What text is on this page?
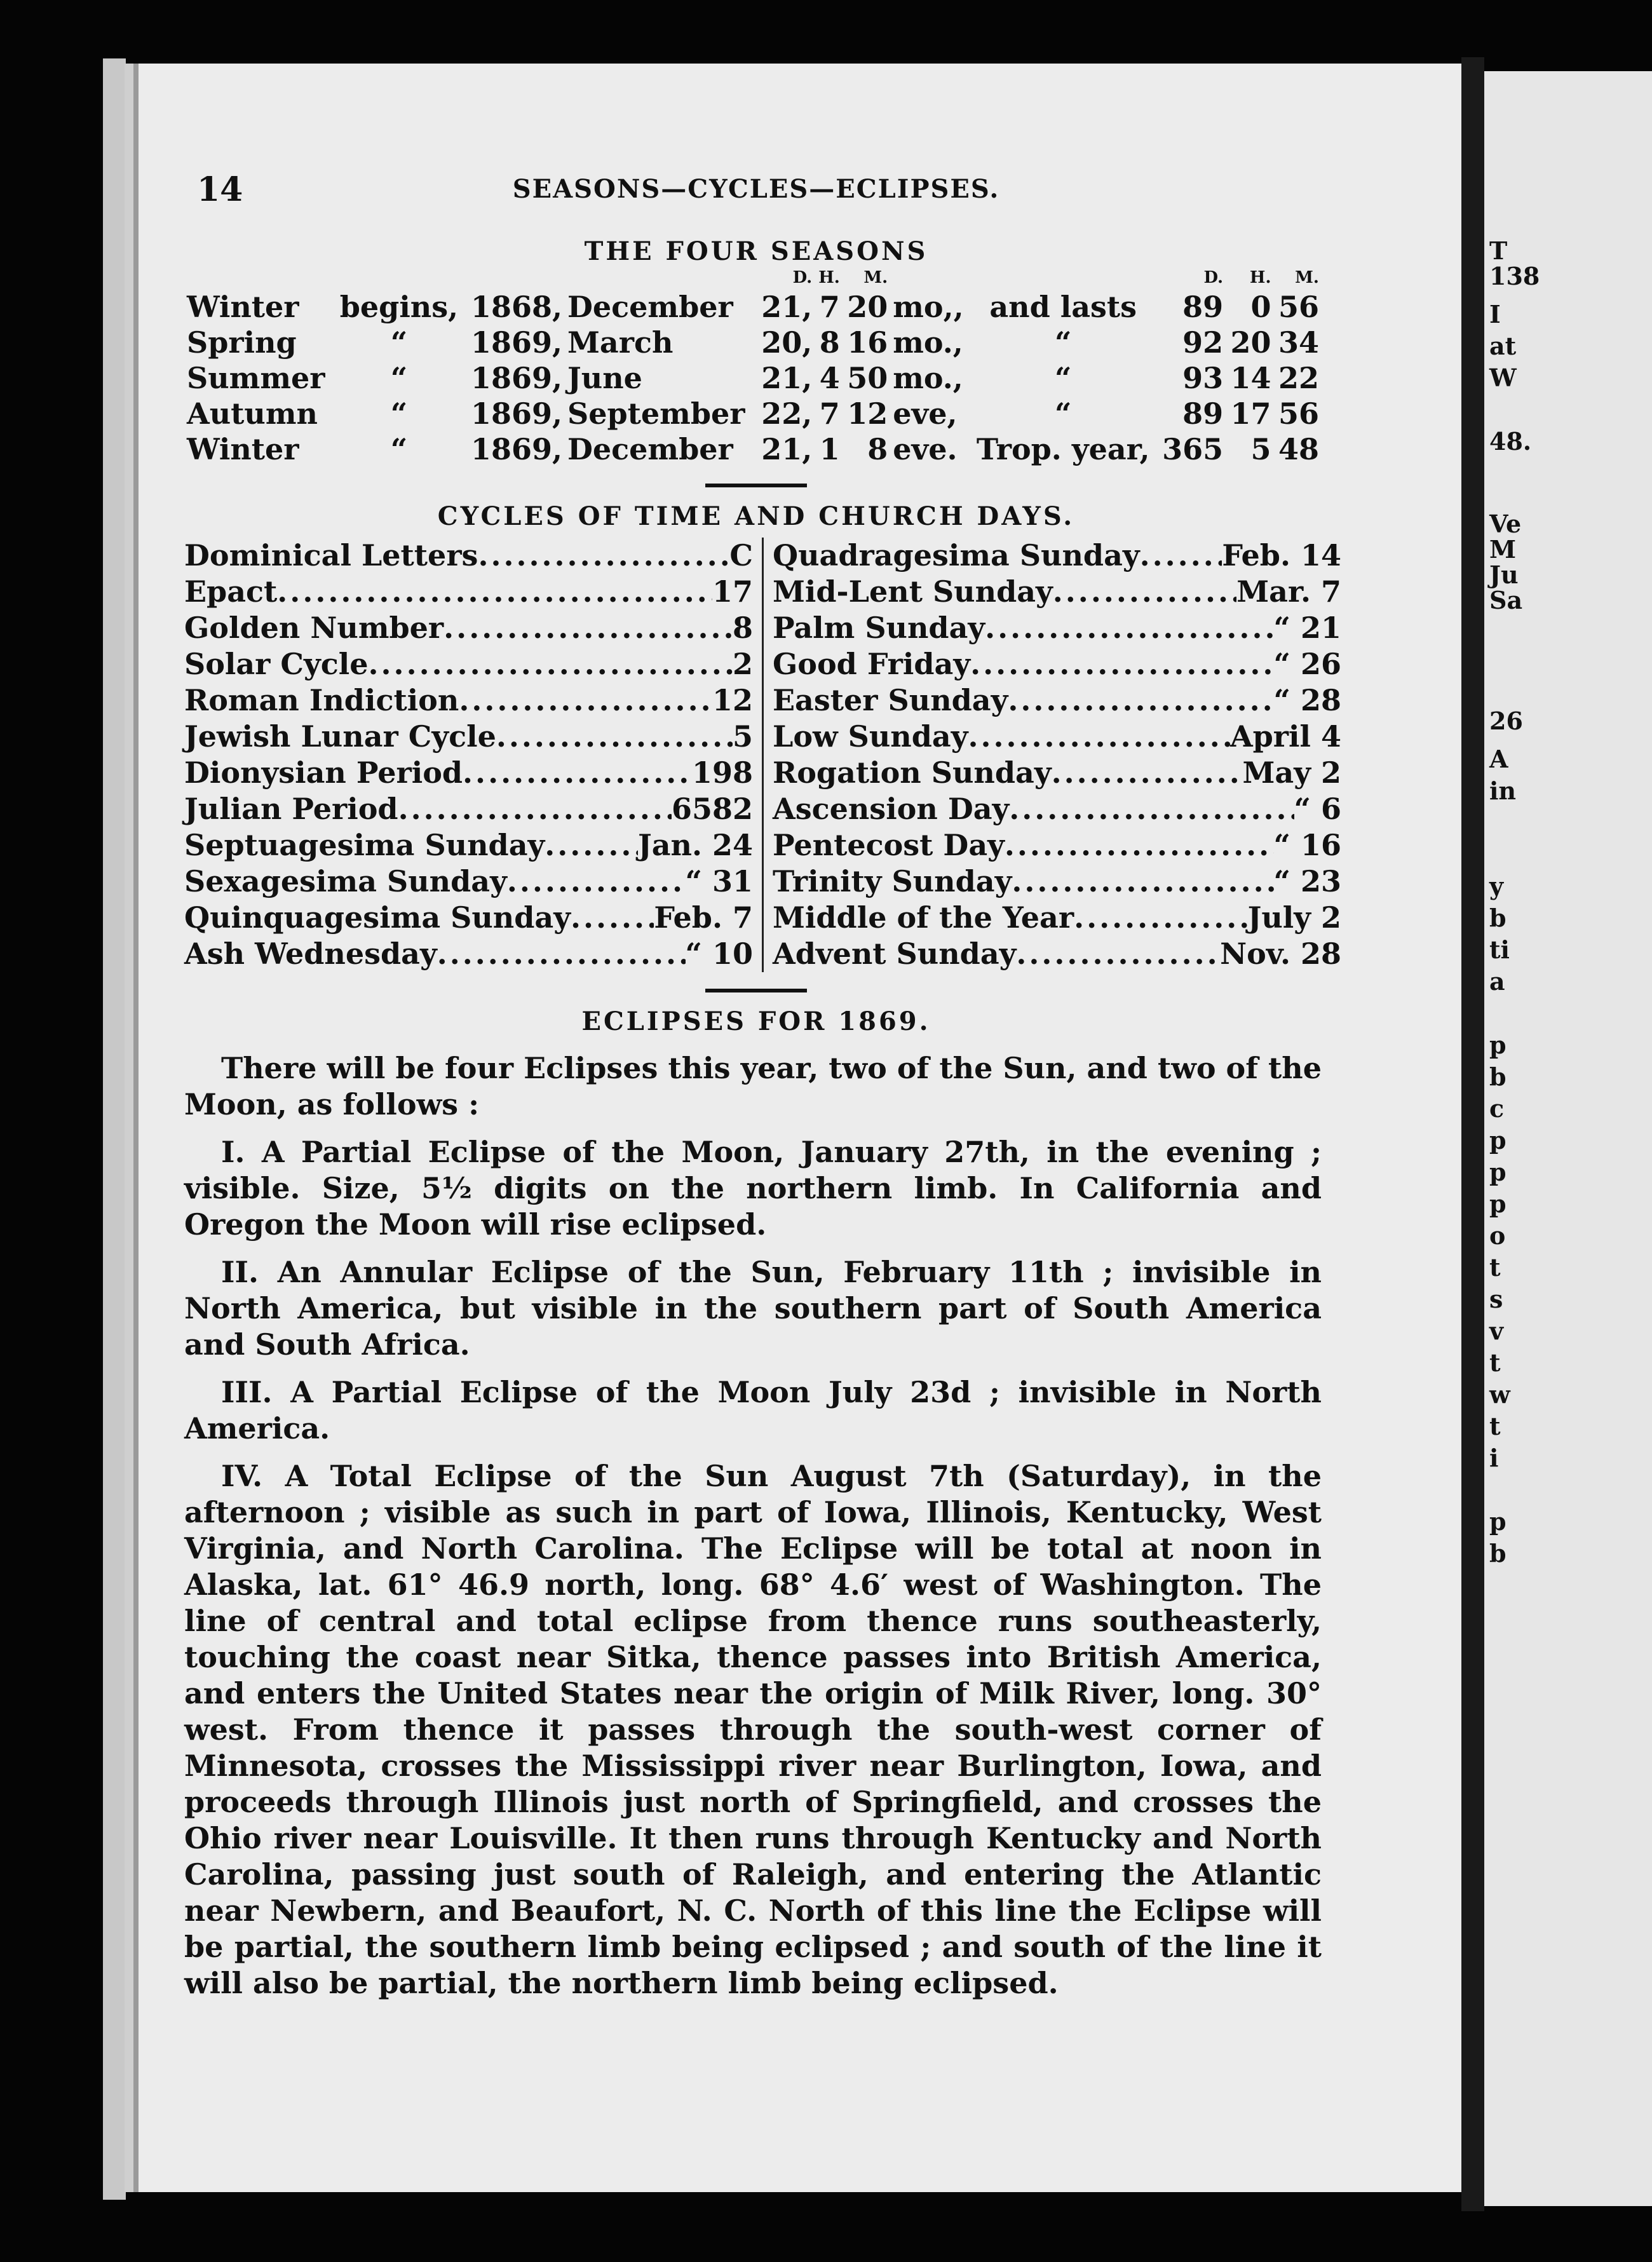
T
138
I
at
W
48.
Ve
M
Ju
Sa
26
A
in
y
b
ti
a
p
b
c
p
p
p
o
t
s
v
t
w
t
i
p
b
14	SEASONS—CYCLES—ECLIPSES.
THE FOUR SEASONS
				D.	H.	M.			D.	H.	M.
Winter	begins,	1868,	December	21,	7	20	mo,,	and lasts	89	0	56
Spring	“	1869,	March	20,	8	16	mo.,	“	92	20	34
Summer	“	1869,	June	21,	4	50	mo.,	“	93	14	22
Autumn	“	1869,	September	22,	7	12	eve,	“	89	17	56
Winter	“	1869,	December	21,	1	8	eve.	Trop. year,	365	5	48
CYCLES OF TIME AND CHURCH DAYS.
Dominical Letters .....	C
Epact .....	17
Golden Number .....	8
Solar Cycle .....	2
Roman Indiction .....	12
Jewish Lunar Cycle .....	5
Dionysian Period .....	198
Julian Period .....	6582
Septuagesima Sunday .....	Jan. 24
Sexagesima Sunday .....	“ 31
Quinquagesima Sunday .....	Feb. 7
Ash Wednesday .....	“ 10
Quadragesima Sunday .....	Feb. 14
Mid-Lent Sunday .....	Mar. 7
Palm Sunday .....	“ 21
Good Friday .....	“ 26
Easter Sunday .....	“ 28
Low Sunday .....	April 4
Rogation Sunday .....	May 2
Ascension Day .....	“ 6
Pentecost Day .....	“ 16
Trinity Sunday .....	“ 23
Middle of the Year .....	July 2
Advent Sunday .....	Nov. 28
ECLIPSES FOR 1869.

There will be four Eclipses this year, two of the Sun, and two of the Moon, as follows :

I. A Partial Eclipse of the Moon, January 27th, in the evening ; visible. Size, 5½ digits on the northern limb. In California and Oregon the Moon will rise eclipsed.

II. An Annular Eclipse of the Sun, February 11th ; invisible in North America, but visible in the southern part of South America and South Africa.

III. A Partial Eclipse of the Moon July 23d ; invisible in North America.

IV. A Total Eclipse of the Sun August 7th (Saturday), in the afternoon ; visible as such in part of Iowa, Illinois, Kentucky, West Virginia, and North Carolina. The Eclipse will be total at noon in Alaska, lat. 61° 46.9 north, long. 68° 4.6′ west of Washington. The line of central and total eclipse from thence runs southeasterly, touching the coast near Sitka, thence passes into British America, and enters the United States near the origin of Milk River, long. 30° west. From thence it passes through the south-west corner of Minnesota, crosses the Mississippi river near Burlington, Iowa, and proceeds through Illinois just north of Springfield, and crosses the Ohio river near Louisville. It then runs through Kentucky and North Carolina, passing just south of Raleigh, and entering the Atlantic near Newbern, and Beaufort, N. C. North of this line the Eclipse will be partial, the southern limb being eclipsed ; and south of the line it will also be partial, the northern limb being eclipsed.
